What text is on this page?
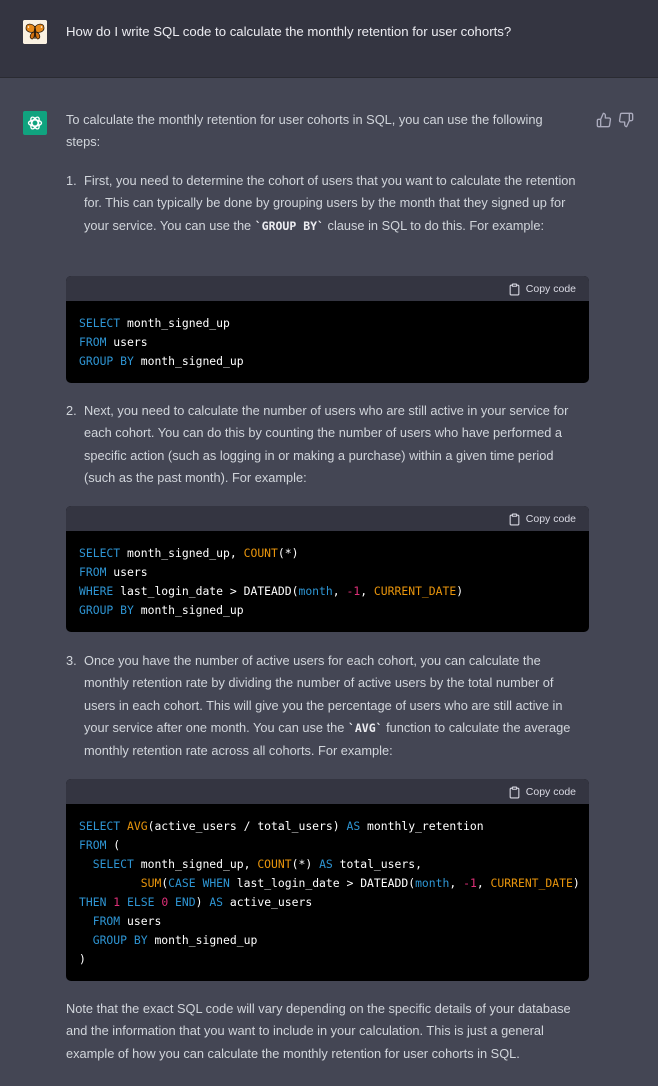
How do I write SQL code to calculate the monthly retention for user cohorts?

To calculate the monthly retention for user cohorts in SQL, you can use the following steps:

1. First, you need to determine the cohort of users that you want to calculate the retention for. This can typically be done by grouping users by the month that they signed up for your service. You can use the `GROUP BY` clause in SQL to do this. For example:

Copy code
SELECT month_signed_up
FROM users
GROUP BY month_signed_up
2. Next, you need to calculate the number of users who are still active in your service for each cohort. You can do this by counting the number of users who have performed a specific action (such as logging in or making a purchase) within a given time period (such as the past month). For example:

Copy code
SELECT month_signed_up, COUNT(*)
FROM users
WHERE last_login_date > DATEADD(month, -1, CURRENT_DATE)
GROUP BY month_signed_up
3. Once you have the number of active users for each cohort, you can calculate the monthly retention rate by dividing the number of active users by the total number of users in each cohort. This will give you the percentage of users who are still active in your service after one month. You can use the `AVG` function to calculate the average monthly retention rate across all cohorts. For example:

Copy code
SELECT AVG(active_users / total_users) AS monthly_retention
FROM (
SELECT month_signed_up, COUNT(*) AS total_users,
SUM(CASE WHEN last_login_date > DATEADD(month, -1, CURRENT_DATE)
THEN 1 ELSE 0 END) AS active_users
FROM users
GROUP BY month_signed_up
)

Note that the exact SQL code will vary depending on the specific details of your database and the information that you want to include in your calculation. This is just a general example of how you can calculate the monthly retention for user cohorts in SQL.
